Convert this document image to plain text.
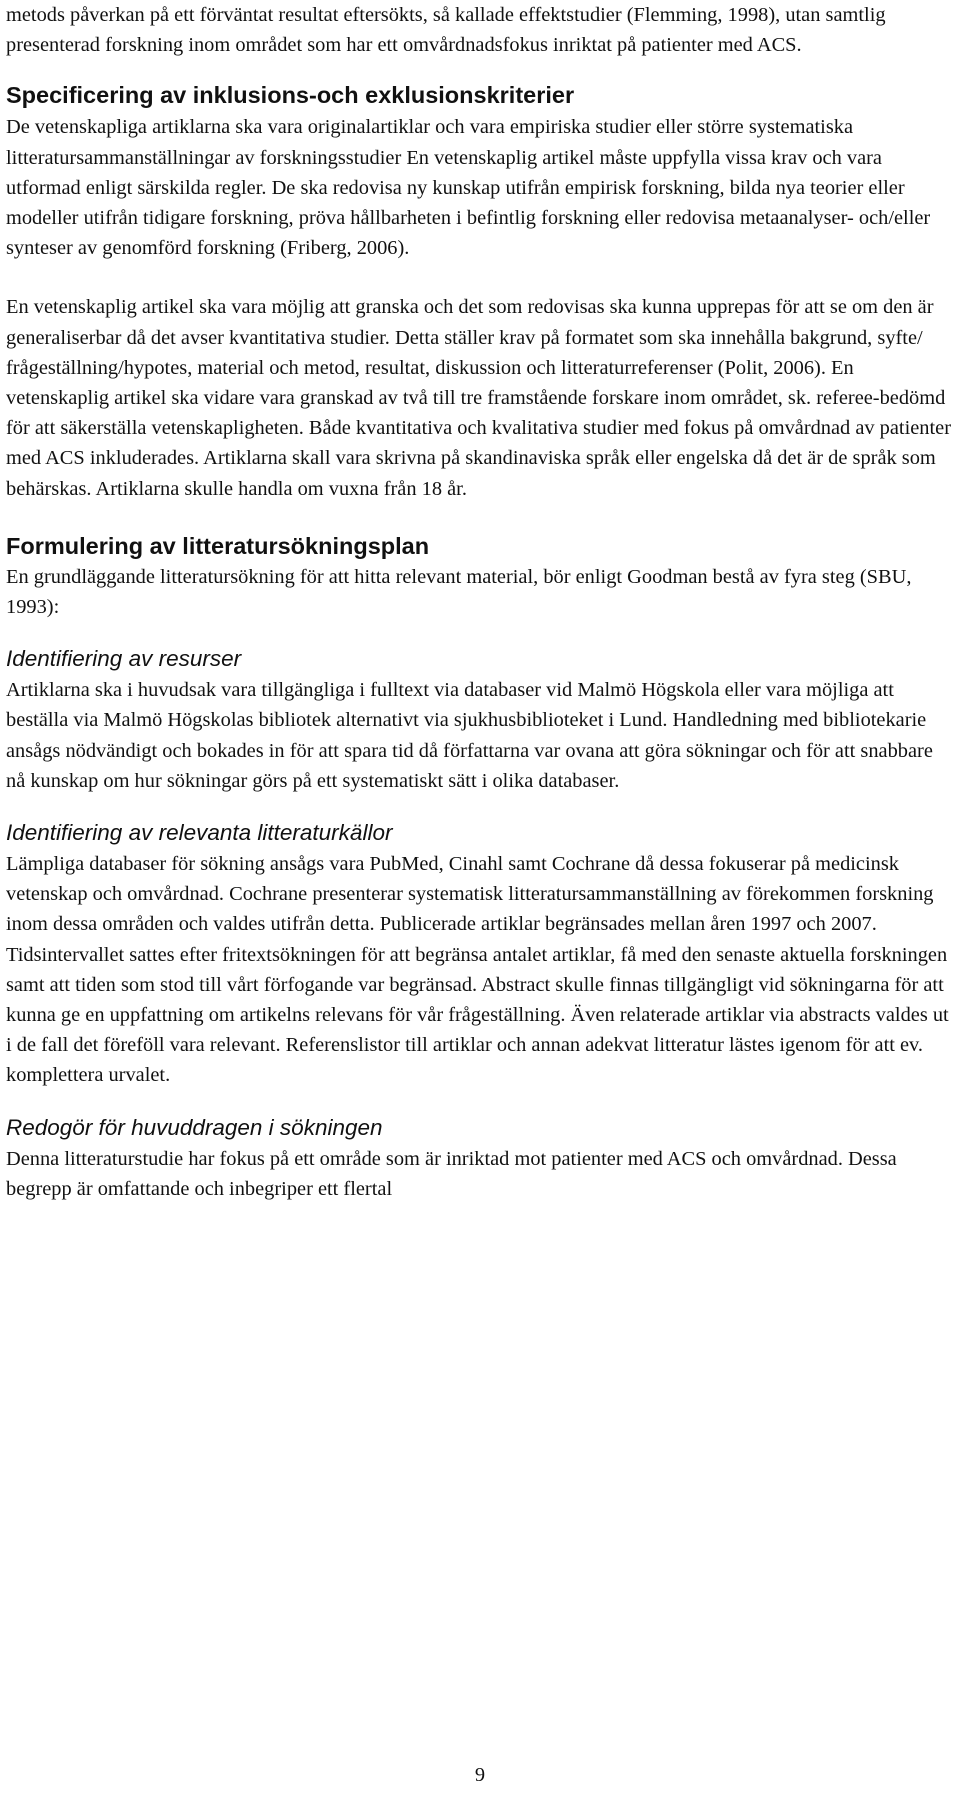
metods påverkan på ett förväntat resultat eftersökts, så kallade effektstudier (Flemming, 1998), utan samtlig presenterad forskning inom området som har ett omvårdnadsfokus inriktat på patienter med ACS.

Specificering av inklusions-och exklusionskriterier

De vetenskapliga artiklarna ska vara originalartiklar och vara empiriska studier eller större systematiska litteratursammanställningar av forskningsstudier En vetenskaplig artikel måste uppfylla vissa krav och vara utformad enligt särskilda regler. De ska redovisa ny kunskap utifrån empirisk forskning, bilda nya teorier eller modeller utifrån tidigare forskning, pröva hållbarheten i befintlig forskning eller redovisa metaanalyser- och/eller synteser av genomförd forskning (Friberg, 2006).

En vetenskaplig artikel ska vara möjlig att granska och det som redovisas ska kunna upprepas för att se om den är generaliserbar då det avser kvantitativa studier. Detta ställer krav på formatet som ska innehålla bakgrund, syfte/ frågeställning/hypotes, material och metod, resultat, diskussion och litteraturreferenser (Polit, 2006). En vetenskaplig artikel ska vidare vara granskad av två till tre framstående forskare inom området, sk. referee-bedömd för att säkerställa vetenskapligheten. Både kvantitativa och kvalitativa studier med fokus på omvårdnad av patienter med ACS inkluderades. Artiklarna skall vara skrivna på skandinaviska språk eller engelska då det är de språk som behärskas. Artiklarna skulle handla om vuxna från 18 år.

Formulering av litteratursökningsplan

En grundläggande litteratursökning för att hitta relevant material, bör enligt Goodman bestå av fyra steg (SBU, 1993):

Identifiering av resurser

Artiklarna ska i huvudsak vara tillgängliga i fulltext via databaser vid Malmö Högskola eller vara möjliga att beställa via Malmö Högskolas bibliotek alternativt via sjukhusbiblioteket i Lund. Handledning med bibliotekarie ansågs nödvändigt och bokades in för att spara tid då författarna var ovana att göra sökningar och för att snabbare nå kunskap om hur sökningar görs på ett systematiskt sätt i olika databaser.

Identifiering av relevanta litteraturkällor

Lämpliga databaser för sökning ansågs vara PubMed, Cinahl samt Cochrane då dessa fokuserar på medicinsk vetenskap och omvårdnad. Cochrane presenterar systematisk litteratursammanställning av förekommen forskning inom dessa områden och valdes utifrån detta. Publicerade artiklar begränsades mellan åren 1997 och 2007. Tidsintervallet sattes efter fritextsökningen för att begränsa antalet artiklar, få med den senaste aktuella forskningen samt att tiden som stod till vårt förfogande var begränsad. Abstract skulle finnas tillgängligt vid sökningarna för att kunna ge en uppfattning om artikelns relevans för vår frågeställning. Även relaterade artiklar via abstracts valdes ut i de fall det föreföll vara relevant. Referenslistor till artiklar och annan adekvat litteratur lästes igenom för att ev. komplettera urvalet.

Redogör för huvuddragen i sökningen

Denna litteraturstudie har fokus på ett område som är inriktad mot patienter med ACS och omvårdnad. Dessa begrepp är omfattande och inbegriper ett flertal

9
